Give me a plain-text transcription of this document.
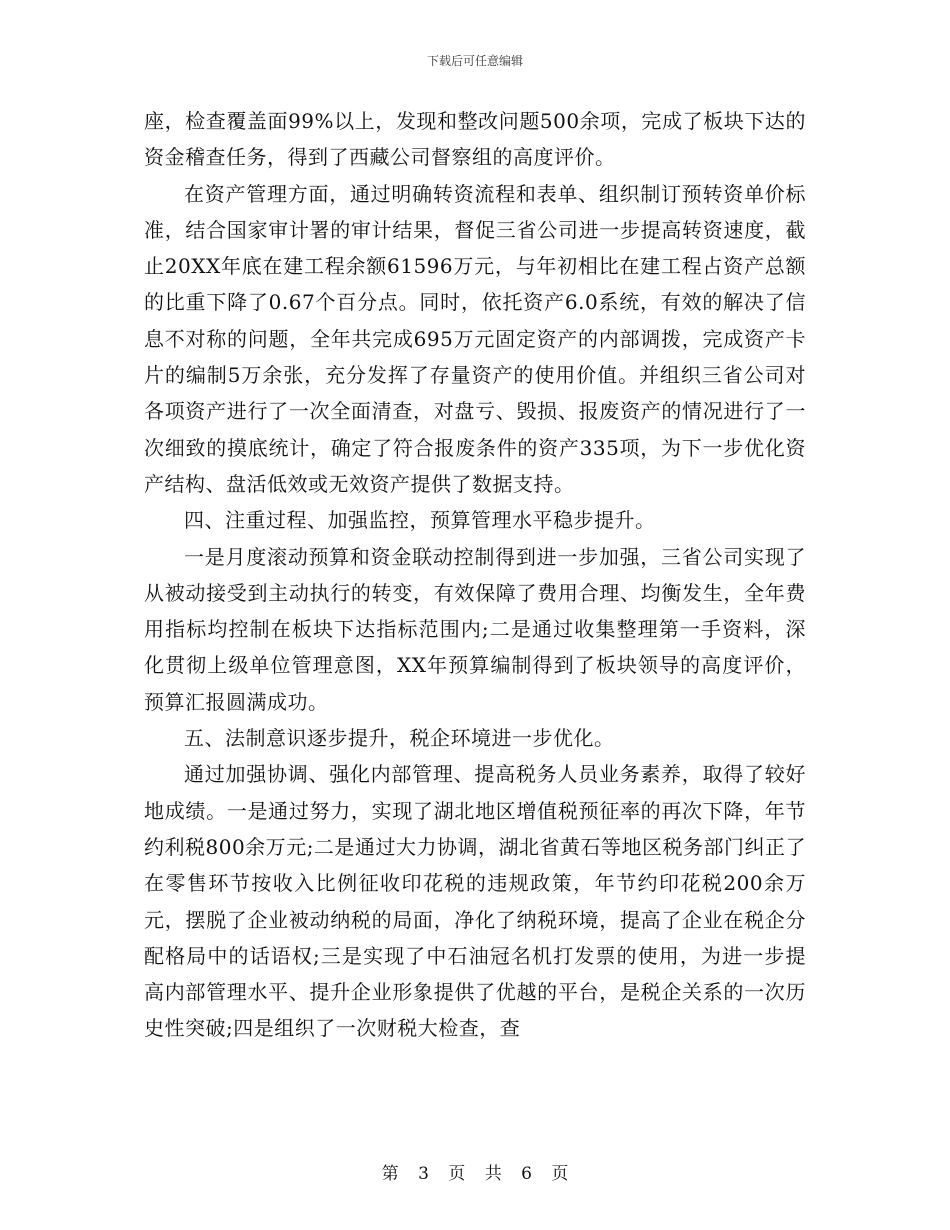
下载后可任意编辑

座，检查覆盖面99%以上，发现和整改问题500余项，完成了板块下达的资金稽查任务，得到了西藏公司督察组的高度评价。

在资产管理方面，通过明确转资流程和表单、组织制订预转资单价标准，结合国家审计署的审计结果，督促三省公司进一步提高转资速度，截止20XX年底在建工程余额61596万元，与年初相比在建工程占资产总额的比重下降了0.67个百分点。同时，依托资产6.0系统，有效的解决了信息不对称的问题，全年共完成695万元固定资产的内部调拨，完成资产卡片的编制5万余张，充分发挥了存量资产的使用价值。并组织三省公司对各项资产进行了一次全面清查，对盘亏、毁损、报废资产的情况进行了一次细致的摸底统计，确定了符合报废条件的资产335项，为下一步优化资产结构、盘活低效或无效资产提供了数据支持。

四、注重过程、加强监控，预算管理水平稳步提升。

一是月度滚动预算和资金联动控制得到进一步加强，三省公司实现了从被动接受到主动执行的转变，有效保障了费用合理、均衡发生，全年费用指标均控制在板块下达指标范围内;二是通过收集整理第一手资料，深化贯彻上级单位管理意图，XX年预算编制得到了板块领导的高度评价，预算汇报圆满成功。

五、法制意识逐步提升，税企环境进一步优化。

通过加强协调、强化内部管理、提高税务人员业务素养，取得了较好地成绩。一是通过努力，实现了湖北地区增值税预征率的再次下降，年节约利税800余万元;二是通过大力协调，湖北省黄石等地区税务部门纠正了在零售环节按收入比例征收印花税的违规政策，年节约印花税200余万元，摆脱了企业被动纳税的局面，净化了纳税环境，提高了企业在税企分配格局中的话语权;三是实现了中石油冠名机打发票的使用，为进一步提高内部管理水平、提升企业形象提供了优越的平台，是税企关系的一次历史性突破;四是组织了一次财税大检查，查

第 3 页 共 6 页
